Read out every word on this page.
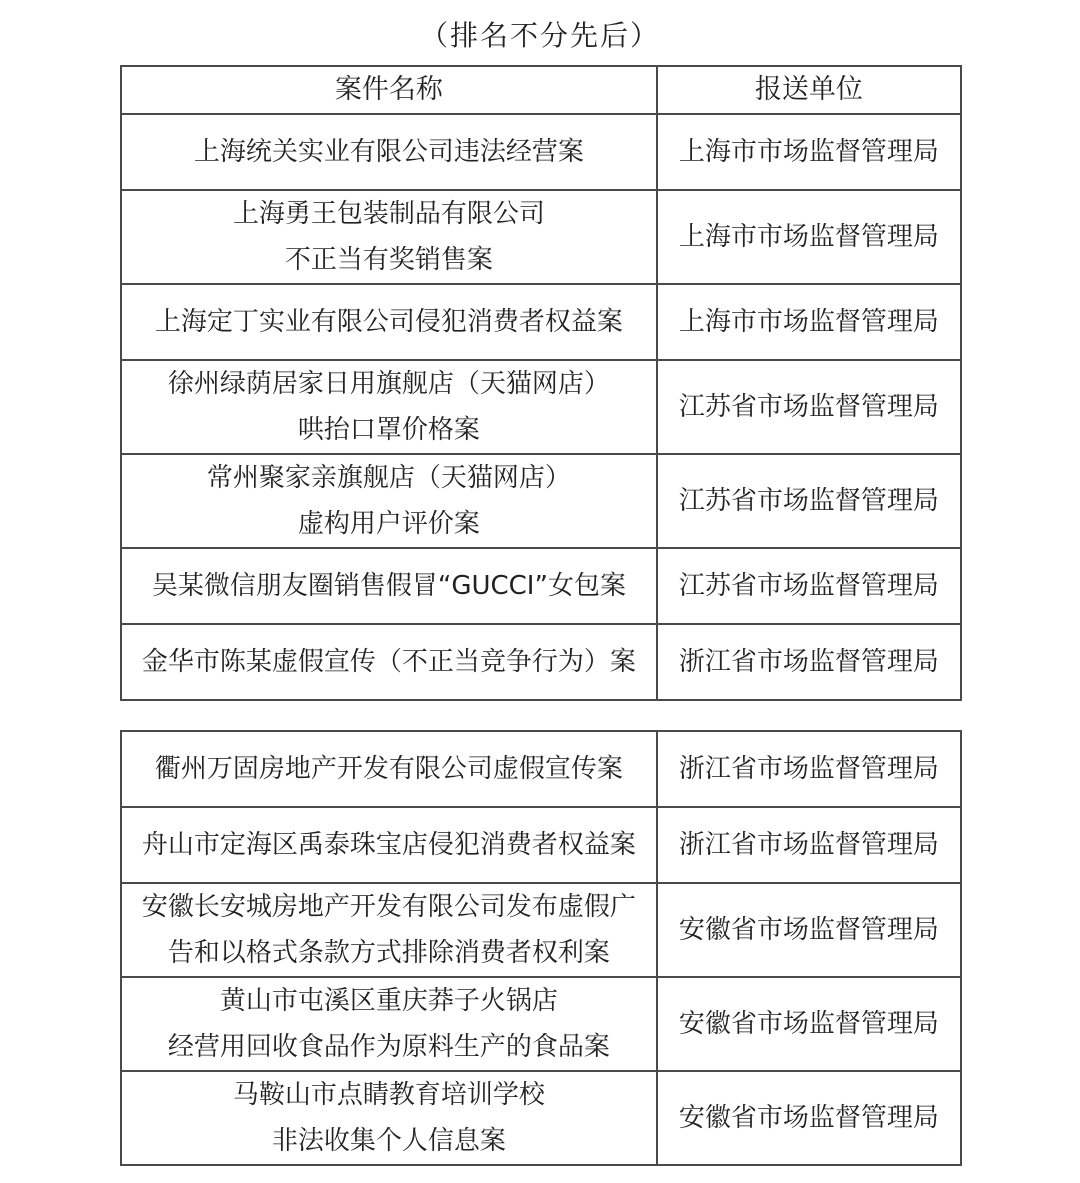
（排名不分先后）
案件名称	报送单位

上海统关实业有限公司违法经营案	上海市市场监督管理局

上海勇王包装制品有限公司
不正当有奖销售案	上海市市场监督管理局

上海定丁实业有限公司侵犯消费者权益案	上海市市场监督管理局

徐州绿荫居家日用旗舰店（天猫网店）
哄抬口罩价格案	江苏省市场监督管理局

常州聚家亲旗舰店（天猫网店）
虚构用户评价案	江苏省市场监督管理局

吴某微信朋友圈销售假冒“GUCCI”女包案	江苏省市场监督管理局

金华市陈某虚假宣传（不正当竞争行为）案	浙江省市场监督管理局
衢州万固房地产开发有限公司虚假宣传案	浙江省市场监督管理局

舟山市定海区禹泰珠宝店侵犯消费者权益案	浙江省市场监督管理局

安徽长安城房地产开发有限公司发布虚假广
告和以格式条款方式排除消费者权利案	安徽省市场监督管理局

黄山市屯溪区重庆莽子火锅店
经营用回收食品作为原料生产的食品案	安徽省市场监督管理局

马鞍山市点睛教育培训学校
非法收集个人信息案	安徽省市场监督管理局
